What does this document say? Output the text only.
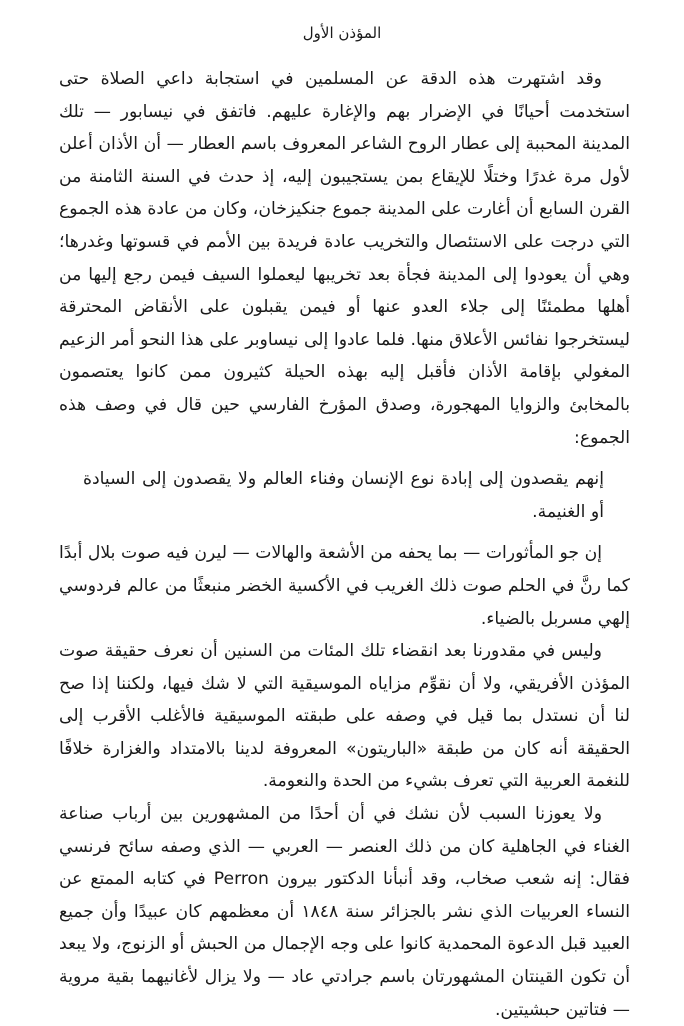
المؤذن الأول

وقد اشتهرت هذه الدقة عن المسلمين في استجابة داعي الصلاة حتى استخدمت أحيانًا في الإضرار بهم والإغارة عليهم. فاتفق في نيسابور — تلك المدينة المحببة إلى عطار الروح الشاعر المعروف باسم العطار — أن الأذان أعلن لأول مرة غدرًا وختلًا للإيقاع بمن يستجيبون إليه، إذ حدث في السنة الثامنة من القرن السابع أن أغارت على المدينة جموع جنكيزخان، وكان من عادة هذه الجموع التي درجت على الاستئصال والتخريب عادة فريدة بين الأمم في قسوتها وغدرها؛ وهي أن يعودوا إلى المدينة فجأة بعد تخريبها ليعملوا السيف فيمن رجع إليها من أهلها مطمئنًا إلى جلاء العدو عنها أو فيمن يقبلون على الأنقاض المحترقة ليستخرجوا نفائس الأعلاق منها. فلما عادوا إلى نيساوبر على هذا النحو أمر الزعيم المغولي بإقامة الأذان فأقبل إليه بهذه الحيلة كثيرون ممن كانوا يعتصمون بالمخابئ والزوايا المهجورة، وصدق المؤرخ الفارسي حين قال في وصف هذه الجموع:

إنهم يقصدون إلى إبادة نوع الإنسان وفناء العالم ولا يقصدون إلى السيادة أو الغنيمة.

إن جو المأثورات — بما يحفه من الأشعة والهالات — ليرن فيه صوت بلال أبدًا كما رنَّ في الحلم صوت ذلك الغريب في الأكسية الخضر منبعثًا من عالم فردوسي إلهي مسربل بالضياء.

وليس في مقدورنا بعد انقضاء تلك المئات من السنين أن نعرف حقيقة صوت المؤذن الأفريقي، ولا أن نقوِّم مزاياه الموسيقية التي لا شك فيها، ولكننا إذا صح لنا أن نستدل بما قيل في وصفه على طبقته الموسيقية فالأغلب الأقرب إلى الحقيقة أنه كان من طبقة «الباريتون» المعروفة لدينا بالامتداد والغزارة خلافًا للنغمة العربية التي تعرف بشيء من الحدة والنعومة.

ولا يعوزنا السبب لأن نشك في أن أحدًا من المشهورين بين أرباب صناعة الغناء في الجاهلية كان من ذلك العنصر — العربي — الذي وصفه سائح فرنسي فقال: إنه شعب صخاب، وقد أنبأنا الدكتور بيرون Perron في كتابه الممتع عن النساء العربيات الذي نشر بالجزائر سنة ١٨٤٨ أن معظمهم كان عبيدًا وأن جميع العبيد قبل الدعوة المحمدية كانوا على وجه الإجمال من الحبش أو الزنوج، ولا يبعد أن تكون القينتان المشهورتان باسم جرادتي عاد — ولا يزال لأغانيهما بقية مروية — فتاتين حبشيتين.
